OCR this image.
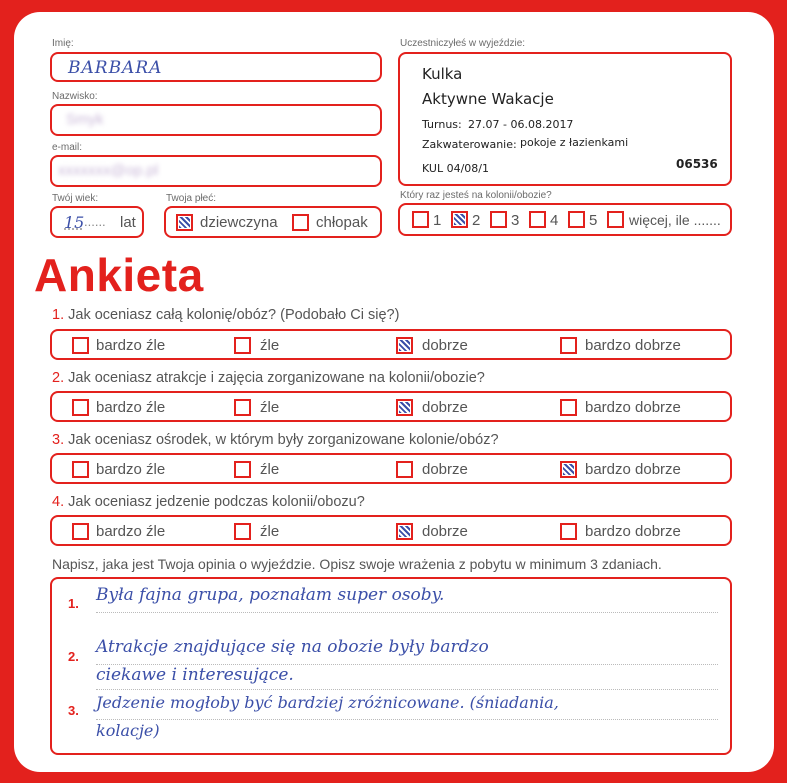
Imię:
BARBARA
Nazwisko:
Smyk
e-mail:
xxxxxxx@op.pl
Twój wiek:
15 ...... lat
Twoja płeć:
dziewczyna	chłopak
Uczestniczyłeś w wyjeździe:
Kulka
Aktywne Wakacje
Turnus: 27.07 - 06.08.2017
Zakwaterowanie: pokoje z łazienkami
KUL 04/08/1	06536
Który raz jesteś na kolonii/obozie?
1 2 3 4 5 więcej, ile .......
Ankieta
1. Jak oceniasz całą kolonię/obóz? (Podobało Ci się?)
bardzo źle	źle	dobrze	bardzo dobrze
2. Jak oceniasz atrakcje i zajęcia zorganizowane na kolonii/obozie?
bardzo źle	źle	dobrze	bardzo dobrze
3. Jak oceniasz ośrodek, w którym były zorganizowane kolonie/obóz?
bardzo źle	źle	dobrze	bardzo dobrze
4. Jak oceniasz jedzenie podczas kolonii/obozu?
bardzo źle	źle	dobrze	bardzo dobrze
Napisz, jaka jest Twoja opinia o wyjeździe. Opisz swoje wrażenia z pobytu w minimum 3 zdaniach.
1. Była fajna grupa, poznałam super osoby.
2. Atrakcje znajdujące się na obozie były bardzo
ciekawe i interesujące.
3. Jedzenie mogłoby być bardziej zróżnicowane. (śniadania,
kolacje)
